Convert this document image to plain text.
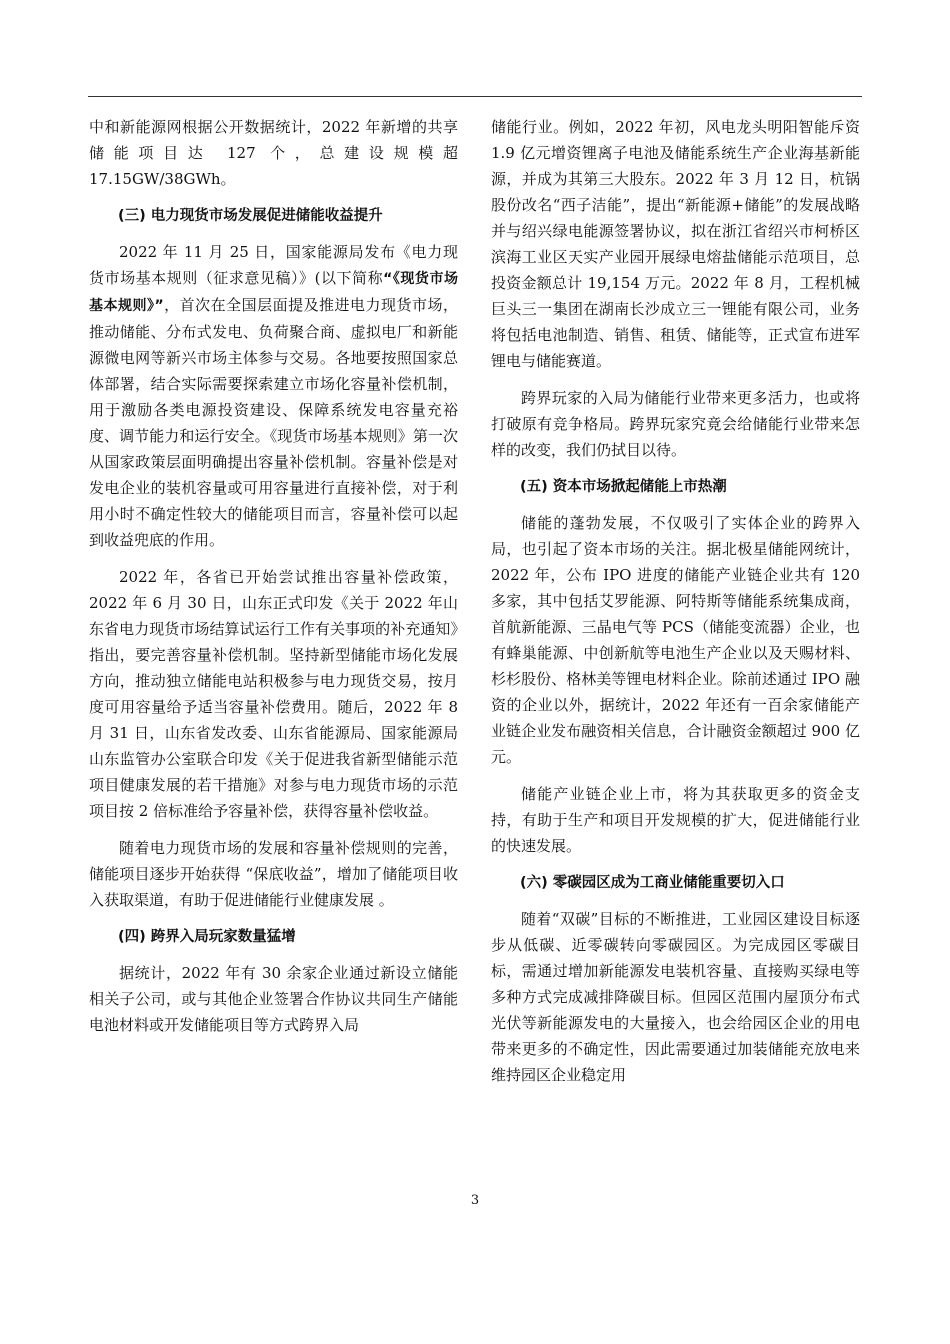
中和新能源网根据公开数据统计，2022 年新增的共享储能项目达 127 个，总建设规模超 17.15GW/38GWh。

(三) 电力现货市场发展促进储能收益提升

2022 年 11 月 25 日，国家能源局发布《电力现货市场基本规则（征求意见稿）》(以下简称“《现货市场基本规则》”，首次在全国层面提及推进电力现货市场，推动储能、分布式发电、负荷聚合商、虚拟电厂和新能源微电网等新兴市场主体参与交易。各地要按照国家总体部署，结合实际需要探索建立市场化容量补偿机制，用于激励各类电源投资建设、保障系统发电容量充裕度、调节能力和运行安全。《现货市场基本规则》第一次从国家政策层面明确提出容量补偿机制。容量补偿是对发电企业的装机容量或可用容量进行直接补偿，对于利用小时不确定性较大的储能项目而言，容量补偿可以起到收益兜底的作用。

2022 年，各省已开始尝试推出容量补偿政策，2022 年 6 月 30 日，山东正式印发《关于 2022 年山东省电力现货市场结算试运行工作有关事项的补充通知》指出，要完善容量补偿机制。坚持新型储能市场化发展方向，推动独立储能电站积极参与电力现货交易，按月度可用容量给予适当容量补偿费用。随后，2022 年 8 月 31 日，山东省发改委、山东省能源局、国家能源局山东监管办公室联合印发《关于促进我省新型储能示范项目健康发展的若干措施》对参与电力现货市场的示范项目按 2 倍标准给予容量补偿，获得容量补偿收益。

随着电力现货市场的发展和容量补偿规则的完善，储能项目逐步开始获得 “保底收益”，增加了储能项目收入获取渠道，有助于促进储能行业健康发展 。

(四) 跨界入局玩家数量猛增

据统计，2022 年有 30 余家企业通过新设立储能相关子公司，或与其他企业签署合作协议共同生产储能电池材料或开发储能项目等方式跨界入局

储能行业。例如，2022 年初，风电龙头明阳智能斥资 1.9 亿元增资锂离子电池及储能系统生产企业海基新能源，并成为其第三大股东。2022 年 3 月 12 日，杭锅股份改名“西子洁能”，提出“新能源+储能”的发展战略并与绍兴绿电能源签署协议，拟在浙江省绍兴市柯桥区滨海工业区天实产业园开展绿电熔盐储能示范项目，总投资金额总计 19,154 万元。2022 年 8 月，工程机械巨头三一集团在湖南长沙成立三一锂能有限公司，业务将包括电池制造、销售、租赁、储能等，正式宣布进军锂电与储能赛道。

跨界玩家的入局为储能行业带来更多活力，也或将打破原有竞争格局。跨界玩家究竟会给储能行业带来怎样的改变，我们仍拭目以待。

(五) 资本市场掀起储能上市热潮

储能的蓬勃发展，不仅吸引了实体企业的跨界入局，也引起了资本市场的关注。据北极星储能网统计，2022 年，公布 IPO 进度的储能产业链企业共有 120 多家，其中包括艾罗能源、阿特斯等储能系统集成商，首航新能源、三晶电气等 PCS（储能变流器）企业，也有蜂巢能源、中创新航等电池生产企业以及天赐材料、杉杉股份、格林美等锂电材料企业。除前述通过 IPO 融资的企业以外，据统计，2022 年还有一百余家储能产业链企业发布融资相关信息，合计融资金额超过 900 亿元。

储能产业链企业上市，将为其获取更多的资金支持，有助于生产和项目开发规模的扩大，促进储能行业的快速发展。

(六) 零碳园区成为工商业储能重要切入口

随着“双碳”目标的不断推进，工业园区建设目标逐步从低碳、近零碳转向零碳园区。为完成园区零碳目标，需通过增加新能源发电装机容量、直接购买绿电等多种方式完成减排降碳目标。但园区范围内屋顶分布式光伏等新能源发电的大量接入，也会给园区企业的用电带来更多的不确定性，因此需要通过加装储能充放电来维持园区企业稳定用

3
